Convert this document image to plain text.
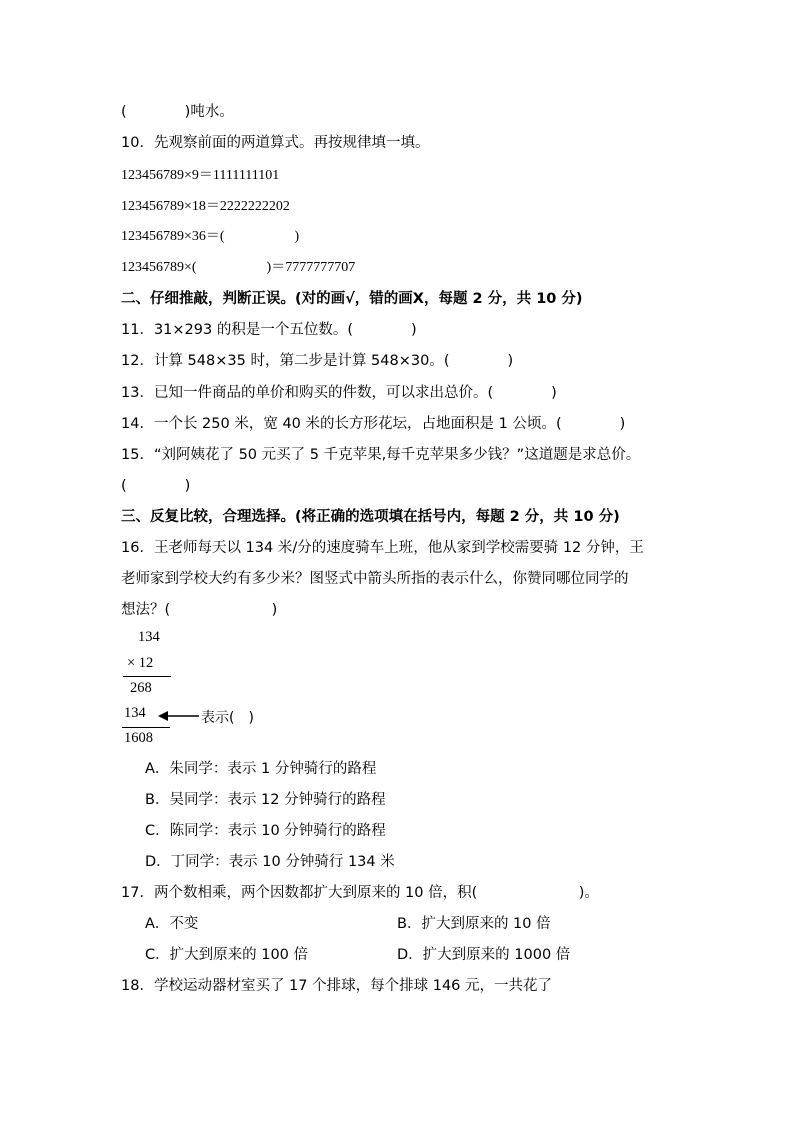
(　　　　)吨水。
10．先观察前面的两道算式。再按规律填一填。
123456789×9＝1111111101
123456789×18＝2222222202
123456789×36＝(　　　　　)
123456789×(　　　　　)＝7777777707
二、仔细推敲，判断正误。(对的画√，错的画X，每题 2 分，共 10 分)
11．31×293 的积是一个五位数。(　　　　)
12．计算 548×35 时，第二步是计算 548×30。(　　　　)
13．已知一件商品的单价和购买的件数，可以求出总价。(　　　　)
14．一个长 250 米，宽 40 米的长方形花坛，占地面积是 1 公顷。(　　　　)
15．“刘阿姨花了 50 元买了 5 千克苹果,每千克苹果多少钱？”这道题是求总价。
(　　　　)
三、反复比较，合理选择。(将正确的选项填在括号内，每题 2 分，共 10 分)
16．王老师每天以 134 米/分的速度骑车上班，他从家到学校需要骑 12 分钟，王
老师家到学校大约有多少米？图竖式中箭头所指的表示什么，你赞同哪位同学的
想法？(　　　　　　　)
134
× 12
268
134	表示(　)
1608
A．朱同学：表示 1 分钟骑行的路程
B．吴同学：表示 12 分钟骑行的路程
C．陈同学：表示 10 分钟骑行的路程
D．丁同学：表示 10 分钟骑行 134 米
17．两个数相乘，两个因数都扩大到原来的 10 倍，积(　　　　　　　)。
A．不变	B．扩大到原来的 10 倍
C．扩大到原来的 100 倍	D．扩大到原来的 1000 倍
18．学校运动器材室买了 17 个排球，每个排球 146 元，一共花了
